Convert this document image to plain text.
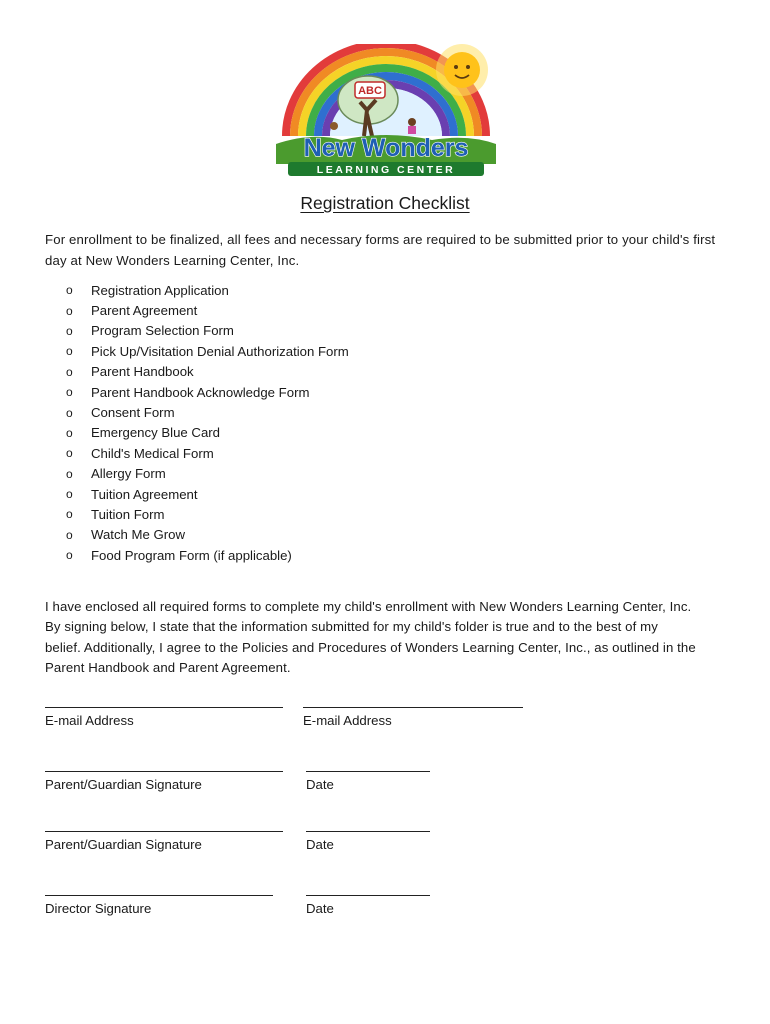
ABC
New Wonders
LEARNING CENTER
Registration Checklist
For enrollment to be finalized, all fees and necessary forms are required to be submitted prior to your child's first day at New Wonders Learning Center, Inc.
o	Registration Application
o	Parent Agreement
o	Program Selection Form
o	Pick Up/Visitation Denial Authorization Form
o	Parent Handbook
o	Parent Handbook Acknowledge Form
o	Consent Form
o	Emergency Blue Card
o	Child's Medical Form
o	Allergy Form
o	Tuition Agreement
o	Tuition Form
o	Watch Me Grow
o	Food Program Form (if applicable)
I have enclosed all required forms to complete my child's enrollment with New Wonders Learning Center, Inc.
By signing below, I state that the information submitted for my child's folder is true and to the best of my
belief. Additionally, I agree to the Policies and Procedures of Wonders Learning Center, Inc., as outlined in the
Parent Handbook and Parent Agreement.
E-mail Address	E-mail Address
Parent/Guardian Signature	Date
Parent/Guardian Signature	Date
Director Signature	Date
